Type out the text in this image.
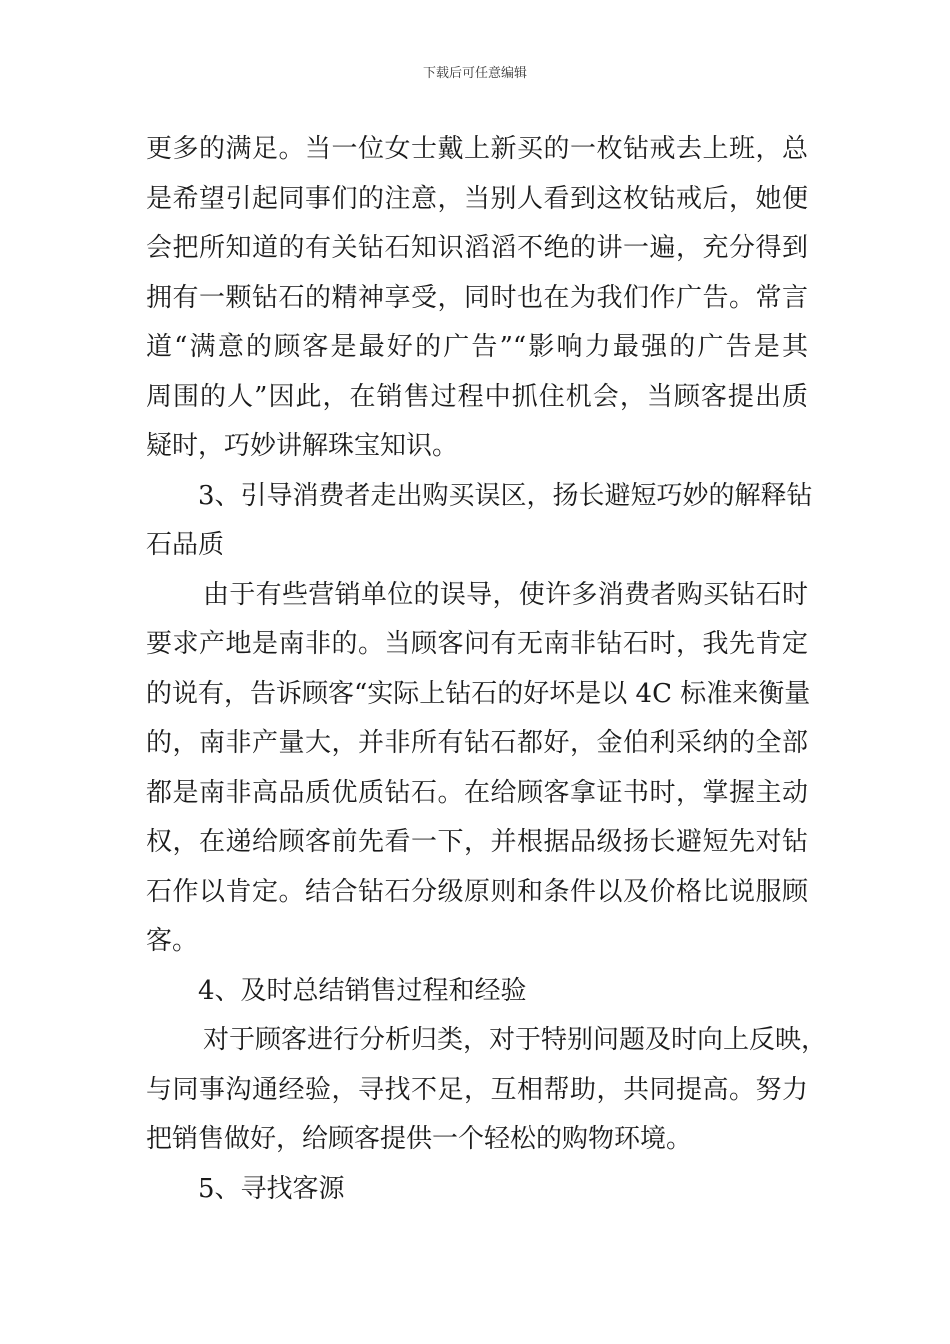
下载后可任意编辑
更多的满足。当一位女士戴上新买的一枚钻戒去上班，总
是希望引起同事们的注意，当别人看到这枚钻戒后，她便
会把所知道的有关钻石知识滔滔不绝的讲一遍，充分得到
拥有一颗钻石的精神享受，同时也在为我们作广告。常言
道“满意的顾客是最好的广告”“影响力最强的广告是其
周围的人”因此，在销售过程中抓住机会，当顾客提出质
疑时，巧妙讲解珠宝知识。
3、引导消费者走出购买误区，扬长避短巧妙的解释钻
石品质
由于有些营销单位的误导，使许多消费者购买钻石时
要求产地是南非的。当顾客问有无南非钻石时，我先肯定
的说有，告诉顾客“实际上钻石的好坏是以 4C 标准来衡量
的，南非产量大，并非所有钻石都好，金伯利采纳的全部
都是南非高品质优质钻石。在给顾客拿证书时，掌握主动
权，在递给顾客前先看一下，并根据品级扬长避短先对钻
石作以肯定。结合钻石分级原则和条件以及价格比说服顾
客。
4、及时总结销售过程和经验
对于顾客进行分析归类，对于特别问题及时向上反映，
与同事沟通经验，寻找不足，互相帮助，共同提高。努力
把销售做好，给顾客提供一个轻松的购物环境。
5、寻找客源
